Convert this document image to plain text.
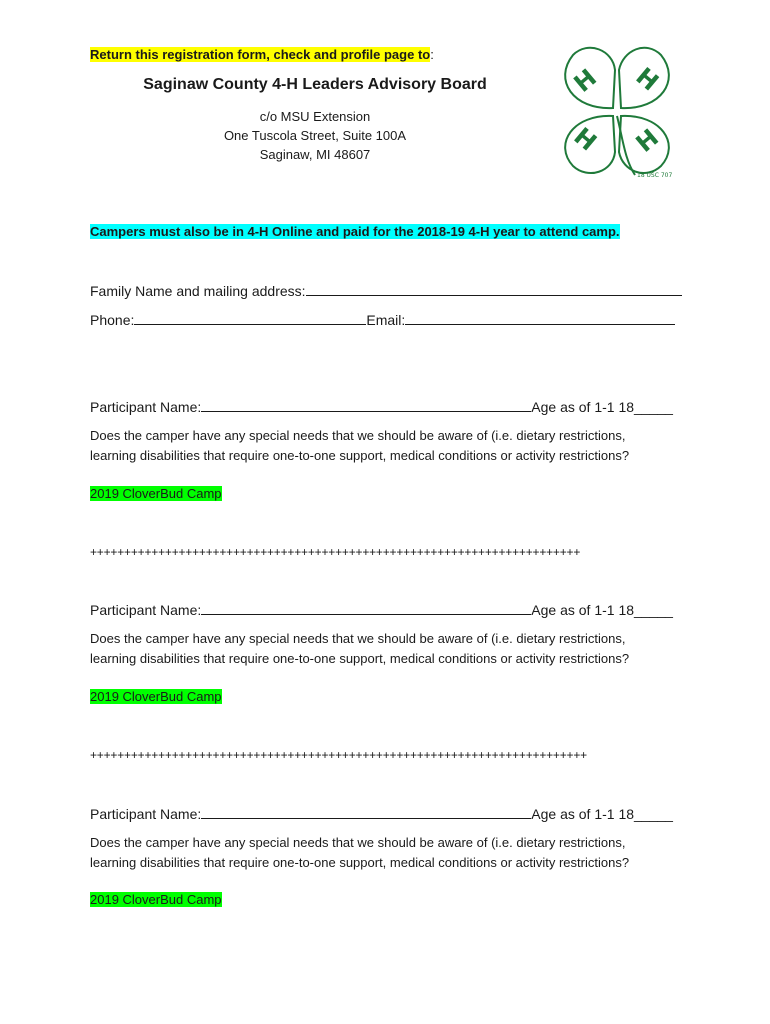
Return this registration form, check and profile page to:
Saginaw County 4-H Leaders Advisory Board
c/o MSU Extension
One Tuscola Street, Suite 100A
Saginaw, MI 48607
H H
H H
18 USC 707
Campers must also be in 4-H Online and paid for the 2018-19 4-H year to attend camp.
Family Name and mailing address:
Phone:	Email:
Participant Name:	Age as of 1-1 18_____
Does the camper have any special needs that we should be aware of (i.e. dietary restrictions,
learning disabilities that require one-to-one support, medical conditions or activity restrictions?
2019 CloverBud Camp
++++++++++++++++++++++++++++++++++++++++++++++++++++++++++++++++++++++++
Participant Name:	Age as of 1-1 18_____
Does the camper have any special needs that we should be aware of (i.e. dietary restrictions,
learning disabilities that require one-to-one support, medical conditions or activity restrictions?
2019 CloverBud Camp
+++++++++++++++++++++++++++++++++++++++++++++++++++++++++++++++++++++++++
Participant Name:	Age as of 1-1 18_____
Does the camper have any special needs that we should be aware of (i.e. dietary restrictions,
learning disabilities that require one-to-one support, medical conditions or activity restrictions?
2019 CloverBud Camp
